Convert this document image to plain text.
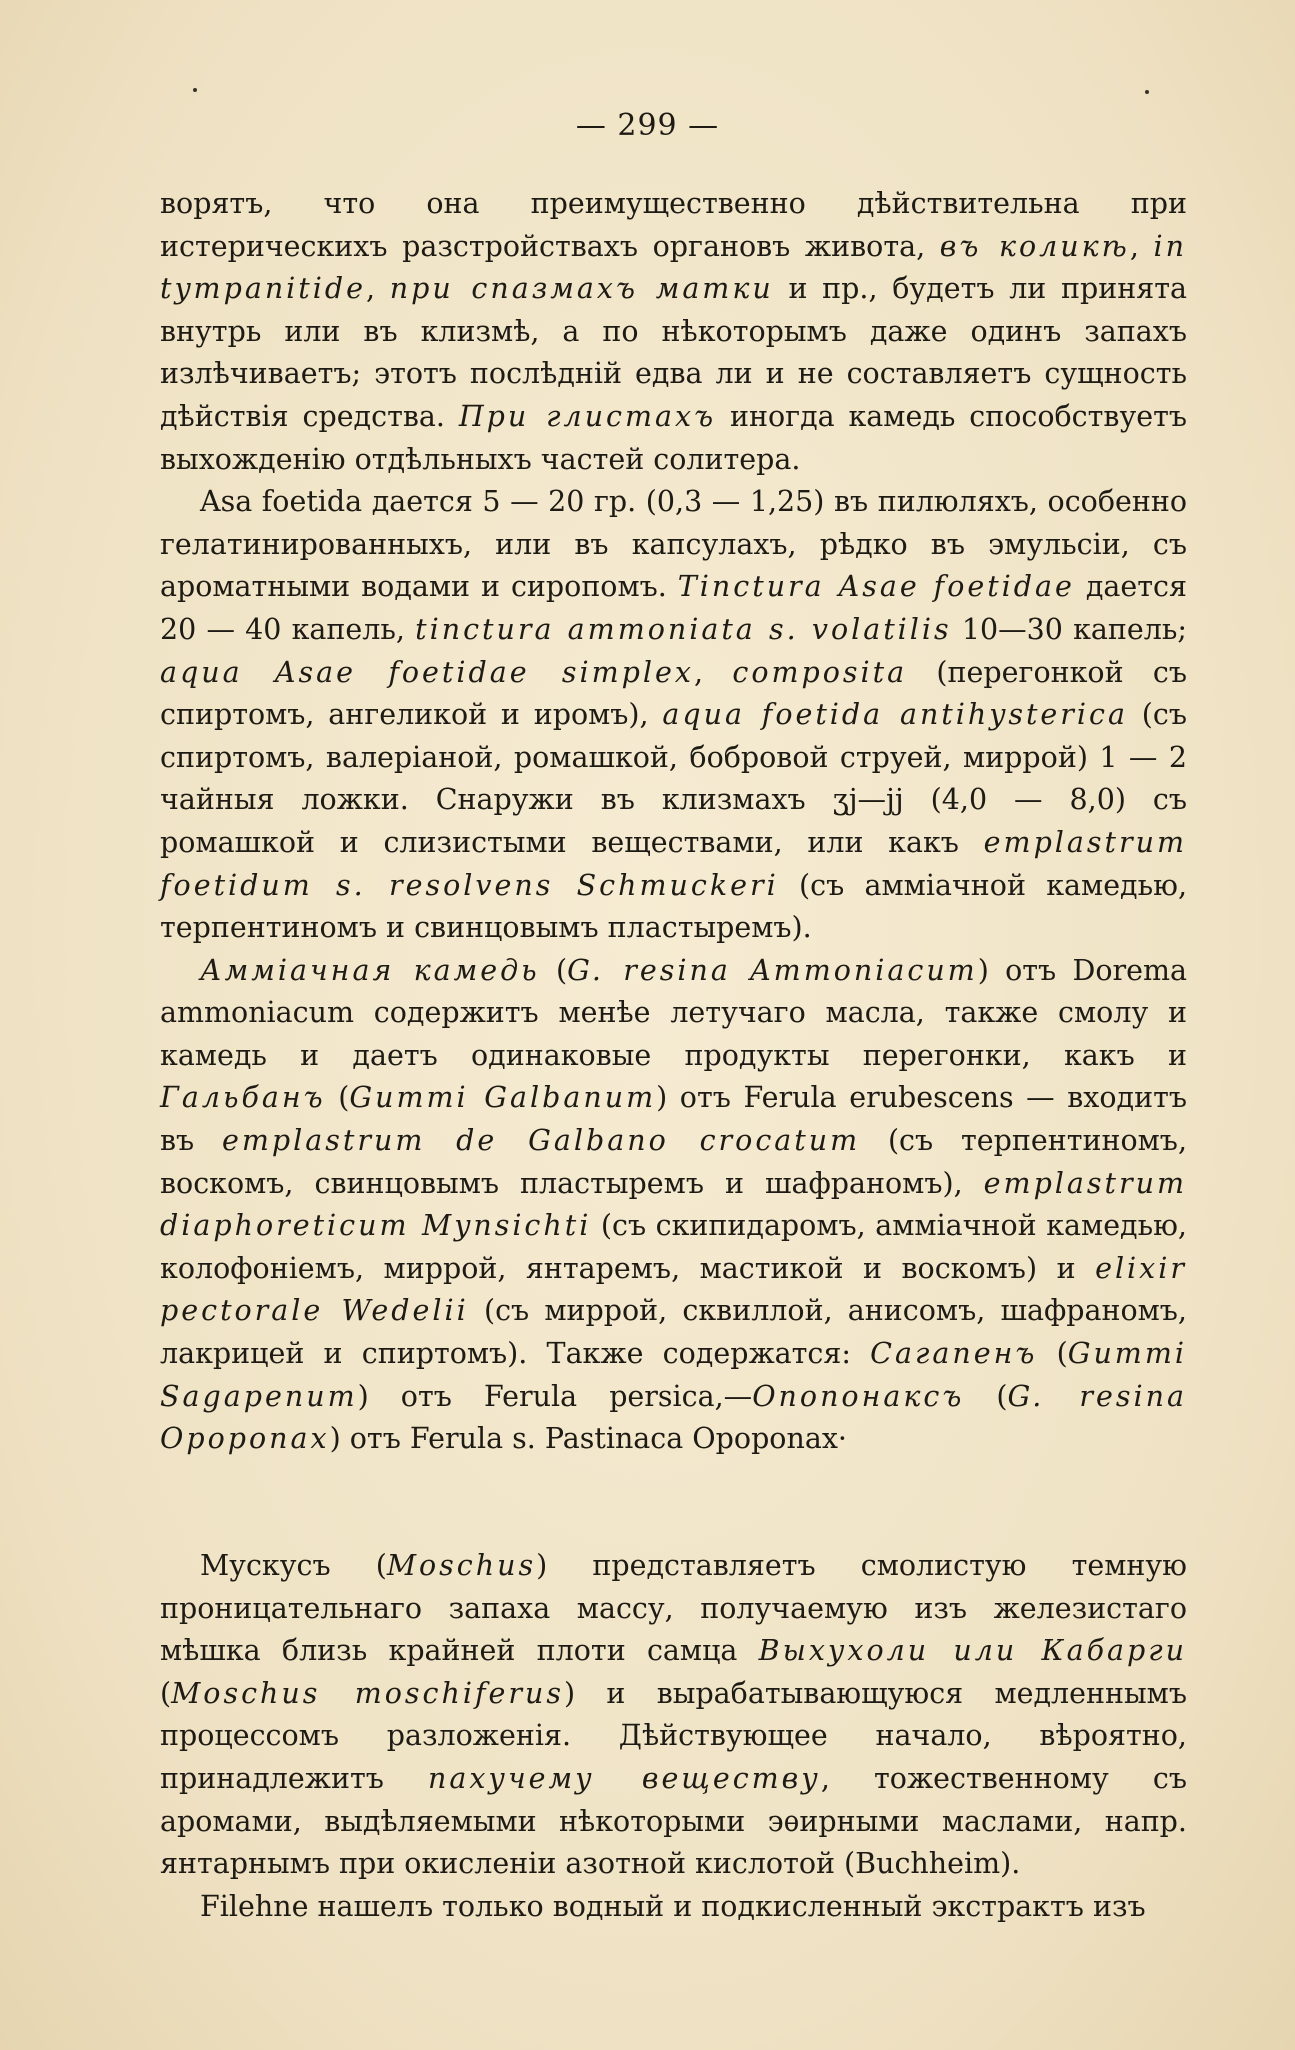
— 299 —

ворятъ, что она преимущественно дѣйствительна при истерическихъ разстройствахъ органовъ живота, въ коликѣ, in tympanitide, при спазмахъ матки и пр., будетъ ли принята внутрь или въ клизмѣ, а по нѣкоторымъ даже одинъ запахъ излѣчиваетъ; этотъ послѣдній едва ли и не составляетъ сущность дѣйствія средства. При глистахъ иногда камедь способствуетъ выхожденію отдѣльныхъ частей солитера.

Asa foetida дается 5 — 20 гр. (0,3 — 1,25) въ пилюляхъ, особенно гелатинированныхъ, или въ капсулахъ, рѣдко въ эмульсіи, съ ароматными водами и сиропомъ. Tinctura Asae foetidae дается 20 — 40 капель, tinctura ammoniata s. volatilis 10—30 капель; aqua Asae foetidae simplex, composita (перегонкой съ спиртомъ, ангеликой и иромъ), aqua foetida antihysterica (съ спиртомъ, валеріаной, ромашкой, бобровой струей, миррой) 1 — 2 чайныя ложки. Снаружи въ клизмахъ ʒj—jj (4,0 — 8,0) съ ромашкой и слизистыми веществами, или какъ emplastrum foetidum s. resolvens Schmuckeri (съ амміачной камедью, терпентиномъ и свинцовымъ пластыремъ).

Амміачная камедь (G. resina Ammoniacum) отъ Dorema ammoniacum содержитъ менѣе летучаго масла, также смолу и камедь и даетъ одинаковые продукты перегонки, какъ и Гальбанъ (Gummi Galbanum) отъ Ferula erubescens — входитъ въ emplastrum de Galbano crocatum (съ терпентиномъ, воскомъ, свинцовымъ пластыремъ и шафраномъ), emplastrum diaphoreticum Mynsichti (съ скипидаромъ, амміачной камедью, колофоніемъ, миррой, янтаремъ, мастикой и воскомъ) и elixir pectorale Wedelii (съ миррой, сквиллой, анисомъ, шафраномъ, лакрицей и спиртомъ). Также содержатся: Сагапенъ (Gummi Sagapenum) отъ Ferula persica,—Опопонаксъ (G. resina Opoponax) отъ Ferula s. Pastinaca Opoponax·

Мускусъ (Moschus) представляетъ смолистую темную проницательнаго запаха массу, получаемую изъ железистаго мѣшка близь крайней плоти самца Выхухоли или Кабарги (Moschus moschiferus) и вырабатывающуюся медленнымъ процессомъ разложенія. Дѣйствующее начало, вѣроятно, принадлежитъ пахучему веществу, тожественному съ аромами, выдѣляемыми нѣкоторыми эѳирными маслами, напр. янтарнымъ при окисленіи азотной кислотой (Buchheim).

Filehne нашелъ только водный и подкисленный экстрактъ изъ
